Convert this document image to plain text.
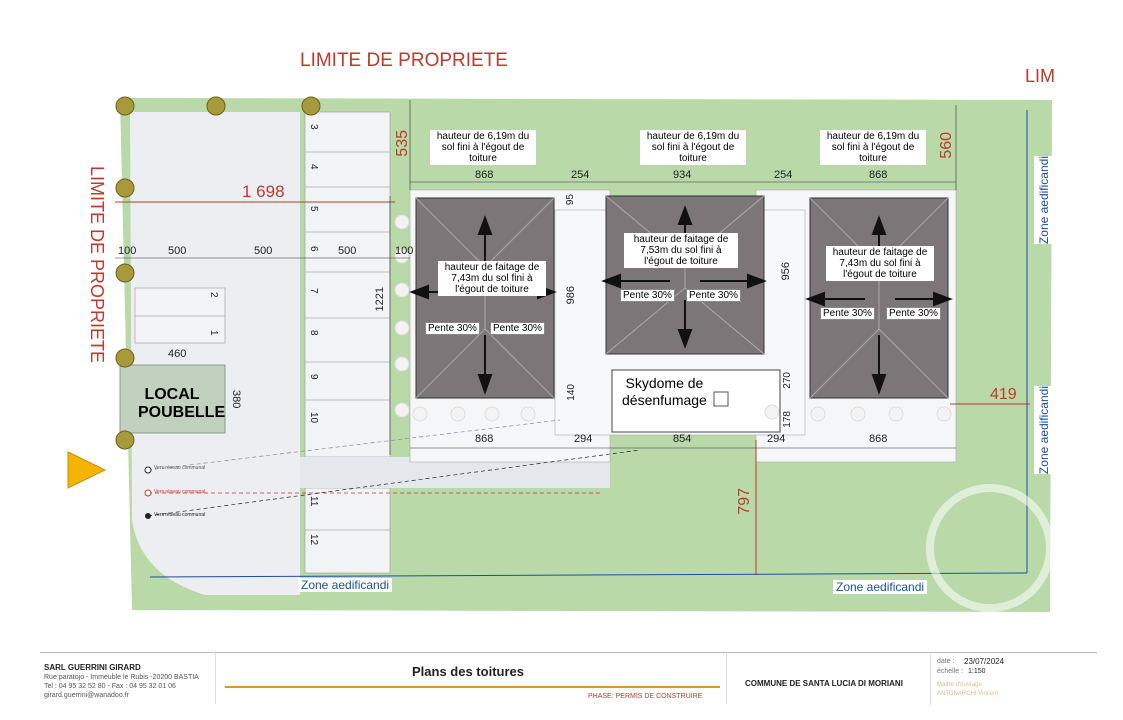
LIMITE DE PROPRIETE
LIM
LIMITE DE PROPRIETE
LOCAL
POUBELLE
Skydome de
désenfumage
hauteur de 6,19m du
sol fini à l'égout de
toiture
hauteur de 6,19m du
sol fini à l'égout de
toiture
hauteur de 6,19m du
sol fini à l'égout de
toiture
hauteur de faitage de
7,43m du sol fini à
l'égout de toiture
hauteur de faitage de
7,53m du sol fini à
l'égout de toiture
hauteur de faitage de
7,43m du sol fini à
l'égout de toiture
Pente 30%	Pente 30%
Pente 30%	Pente 30%
Pente 30%	Pente 30%
535	560
1 698
419
797
868	254	934	254	868
95
986
956
140
270
178
868	294	854	294	868
100	500	500	500	100
1221
460
380
3
4
5
6
7
8
9
10
2
1
11
12
Vers réseau communal
Vers réseau communal
Vers réseau communal
Zone aedificandi	Zone aedificandi
Zone aedificandi
Zone aedificandi
SARL GUERRINI GIRARD
Rue paratojo - Immeuble le Rubis -20200 BASTIA
Tel : 04 95 32 52 80 - Fax : 04 95 32 01 06
girard.guerrini@wanadoo.fr
Plans des toitures
PHASE: PERMIS DE CONSTRUIRE
COMMUNE DE SANTA LUCIA DI MORIANI
date : 23/07/2024
échelle : 1:150
Maître d'ouvrage
ANTONARCHI Vincent
